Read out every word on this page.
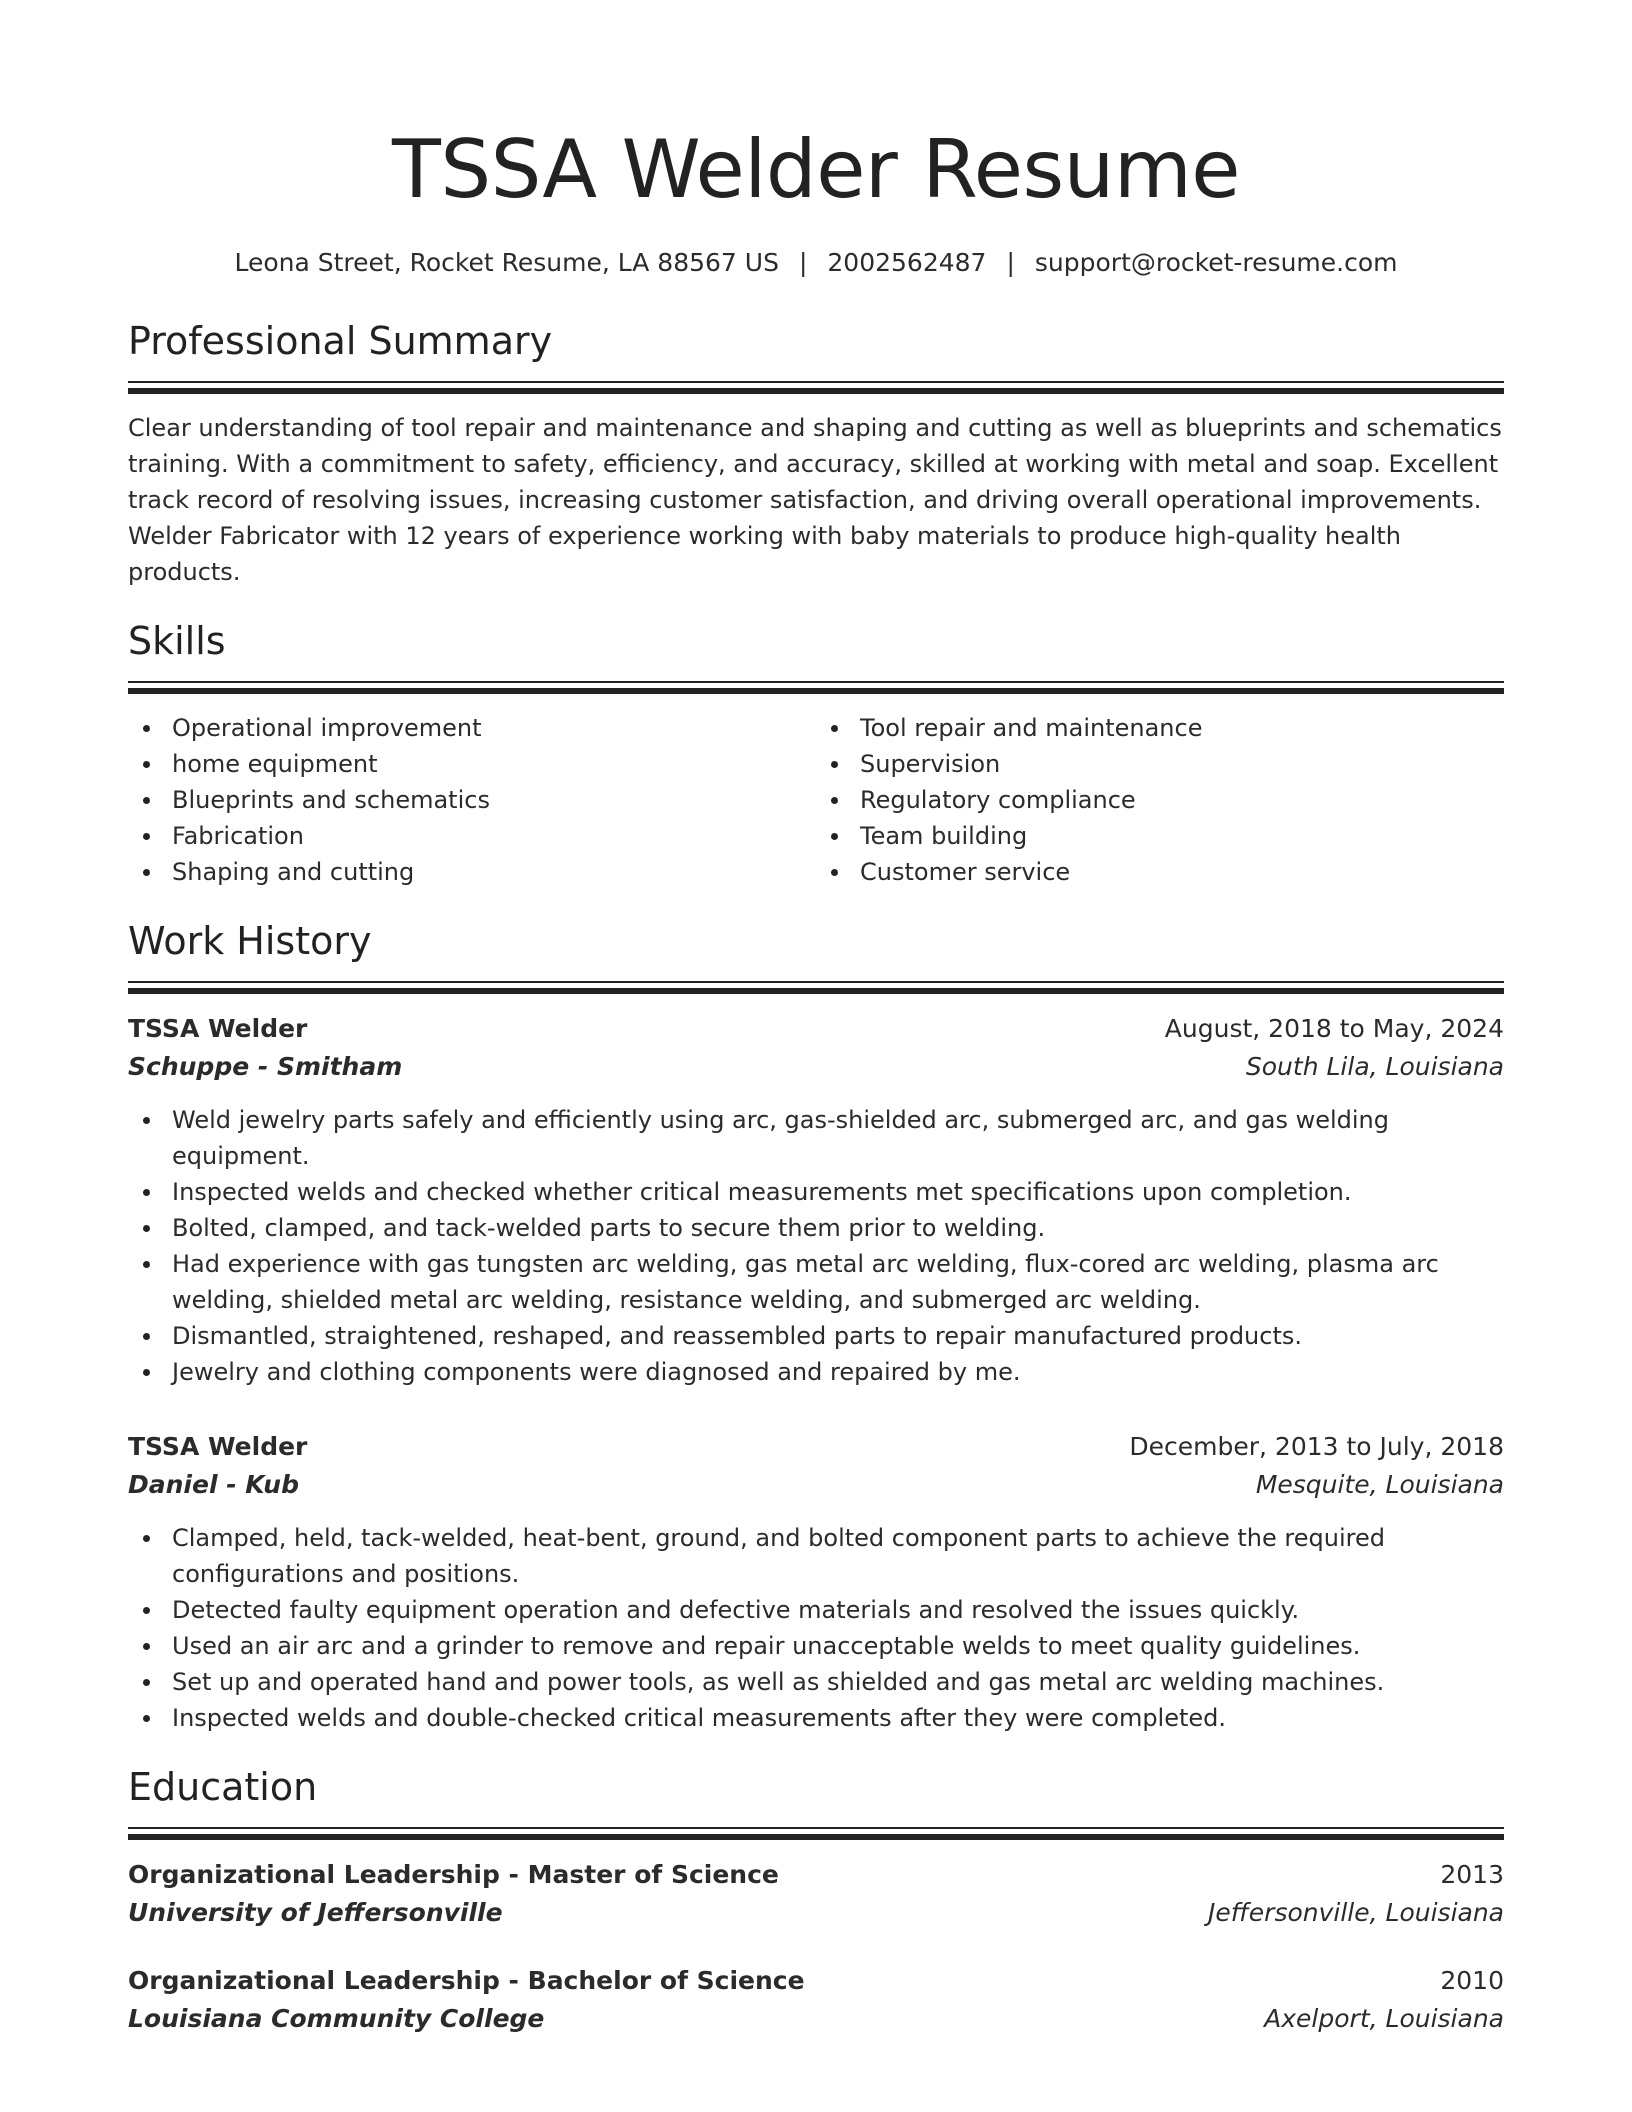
TSSA Welder Resume
Leona Street, Rocket Resume, LA 88567 US | 2002562487 | support@rocket-resume.com
Professional Summary

Clear understanding of tool repair and maintenance and shaping and cutting as well as blueprints and schematics training. With a commitment to safety, efficiency, and accuracy, skilled at working with metal and soap. Excellent track record of resolving issues, increasing customer satisfaction, and driving overall operational improvements. Welder Fabricator with 12 years of experience working with baby materials to produce high-quality health products.

Skills
Operational improvement
home equipment
Blueprints and schematics
Fabrication
Shaping and cutting
Tool repair and maintenance
Supervision
Regulatory compliance
Team building
Customer service
Work History
TSSA Welder	August, 2018 to May, 2024
Schuppe - Smitham	South Lila, Louisiana
Weld jewelry parts safely and efficiently using arc, gas-shielded arc, submerged arc, and gas welding equipment.
Inspected welds and checked whether critical measurements met specifications upon completion.
Bolted, clamped, and tack-welded parts to secure them prior to welding.
Had experience with gas tungsten arc welding, gas metal arc welding, flux-cored arc welding, plasma arc welding, shielded metal arc welding, resistance welding, and submerged arc welding.
Dismantled, straightened, reshaped, and reassembled parts to repair manufactured products.
Jewelry and clothing components were diagnosed and repaired by me.
TSSA Welder	December, 2013 to July, 2018
Daniel - Kub	Mesquite, Louisiana
Clamped, held, tack-welded, heat-bent, ground, and bolted component parts to achieve the required configurations and positions.
Detected faulty equipment operation and defective materials and resolved the issues quickly.
Used an air arc and a grinder to remove and repair unacceptable welds to meet quality guidelines.
Set up and operated hand and power tools, as well as shielded and gas metal arc welding machines.
Inspected welds and double-checked critical measurements after they were completed.
Education
Organizational Leadership - Master of Science	2013
University of Jeffersonville	Jeffersonville, Louisiana
Organizational Leadership - Bachelor of Science	2010
Louisiana Community College	Axelport, Louisiana
